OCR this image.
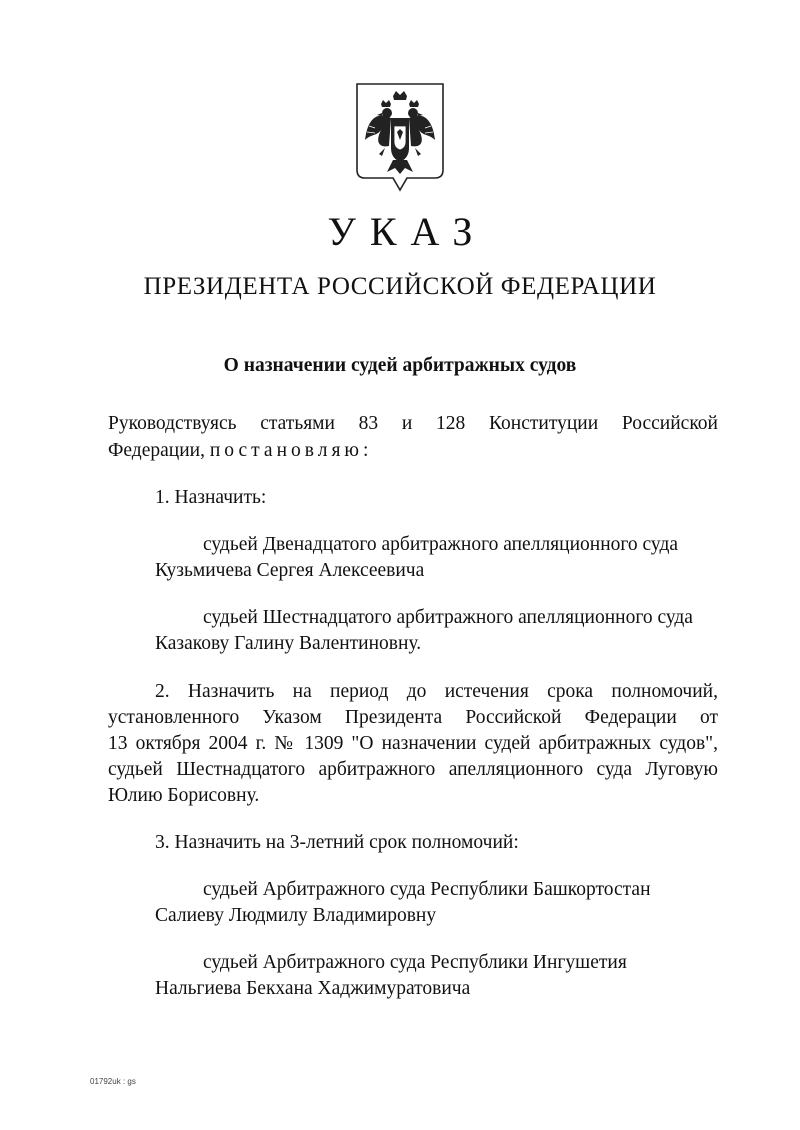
УКАЗ
ПРЕЗИДЕНТА РОССИЙСКОЙ ФЕДЕРАЦИИ
О назначении судей арбитражных судов
Руководствуясь статьями 83 и 128 Конституции Российской
Федерации, постановляю:
1. Назначить:
судьей Двенадцатого арбитражного апелляционного суда
Кузьмичева Сергея Алексеевича
судьей Шестнадцатого арбитражного апелляционного суда
Казакову Галину Валентиновну.
2. Назначить на период до истечения срока полномочий,
установленного Указом Президента Российской Федерации от
13 октября 2004 г. № 1309 "О назначении судей арбитражных судов",
судьей Шестнадцатого арбитражного апелляционного суда Луговую
Юлию Борисовну.
3. Назначить на 3-летний срок полномочий:
судьей Арбитражного суда Республики Башкортостан
Салиеву Людмилу Владимировну
судьей Арбитражного суда Республики Ингушетия
Нальгиева Бекхана Хаджимуратовича
01792uk : gs
